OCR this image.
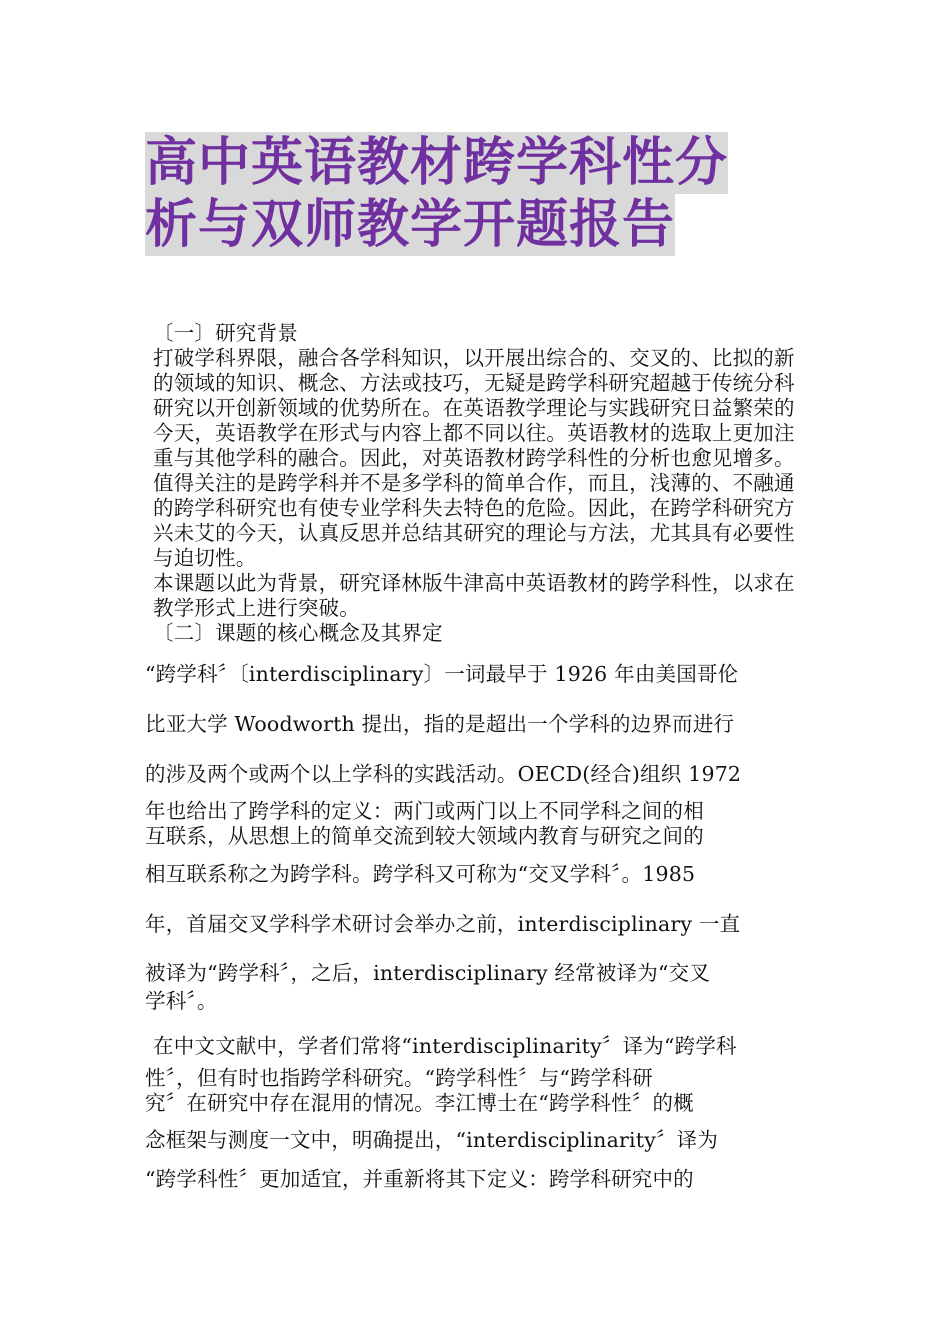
高中英语教材跨学科性分
析与双师教学开题报告

〔一〕研究背景

打破学科界限，融合各学科知识，以开展出综合的、交叉的、比拟的新的领域的知识、概念、方法或技巧，无疑是跨学科研究超越于传统分科研究以开创新领域的优势所在。在英语教学理论与实践研究日益繁荣的今天，英语教学在形式与内容上都不同以往。英语教材的选取上更加注重与其他学科的融合。因此，对英语教材跨学科性的分析也愈见增多。值得关注的是跨学科并不是多学科的简单合作，而且，浅薄的、不融通的跨学科研究也有使专业学科失去特色的危险。因此，在跨学科研究方兴未艾的今天，认真反思并总结其研究的理论与方法，尤其具有必要性与迫切性。

本课题以此为背景，研究译林版牛津高中英语教材的跨学科性，以求在教学形式上进行突破。

〔二〕课题的核心概念及其界定

“跨学科〞〔interdisciplinary〕一词最早于 1926 年由美国哥伦

比亚大学 Woodworth 提出，指的是超出一个学科的边界而进行

的涉及两个或两个以上学科的实践活动。OECD(经合)组织 1972

年也给出了跨学科的定义：两门或两门以上不同学科之间的相

互联系，从思想上的简单交流到较大领域内教育与研究之间的

相互联系称之为跨学科。跨学科又可称为“交叉学科〞。1985

年，首届交叉学科学术研讨会举办之前，interdisciplinary 一直

被译为“跨学科〞，之后，interdisciplinary 经常被译为“交叉

学科〞。

在中文文献中，学者们常将“interdisciplinarity〞译为“跨学科

性〞，但有时也指跨学科研究。“跨学科性〞与“跨学科研

究〞在研究中存在混用的情况。李江博士在“跨学科性〞的概

念框架与测度一文中，明确提出，“interdisciplinarity〞译为

“跨学科性〞更加适宜，并重新将其下定义：跨学科研究中的
